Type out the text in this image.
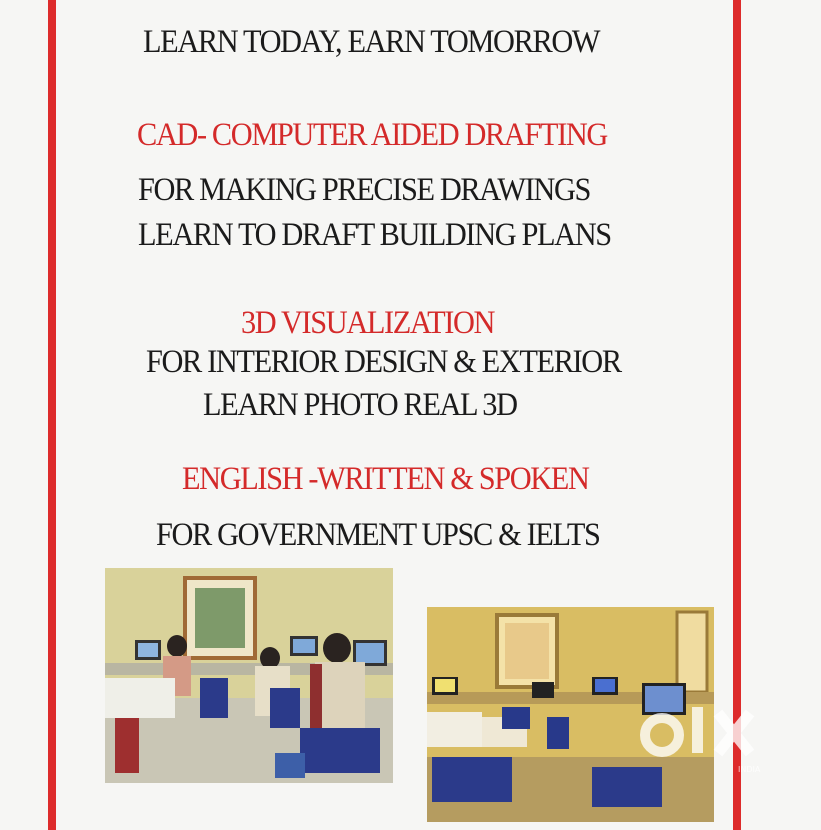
LEARN TODAY, EARN TOMORROW
CAD- COMPUTER AIDED DRAFTING
FOR MAKING PRECISE DRAWINGS
LEARN TO DRAFT BUILDING PLANS
3D VISUALIZATION
FOR INTERIOR DESIGN & EXTERIOR
LEARN PHOTO REAL 3D
ENGLISH -WRITTEN & SPOKEN
FOR GOVERNMENT UPSC & IELTS
INDIA
